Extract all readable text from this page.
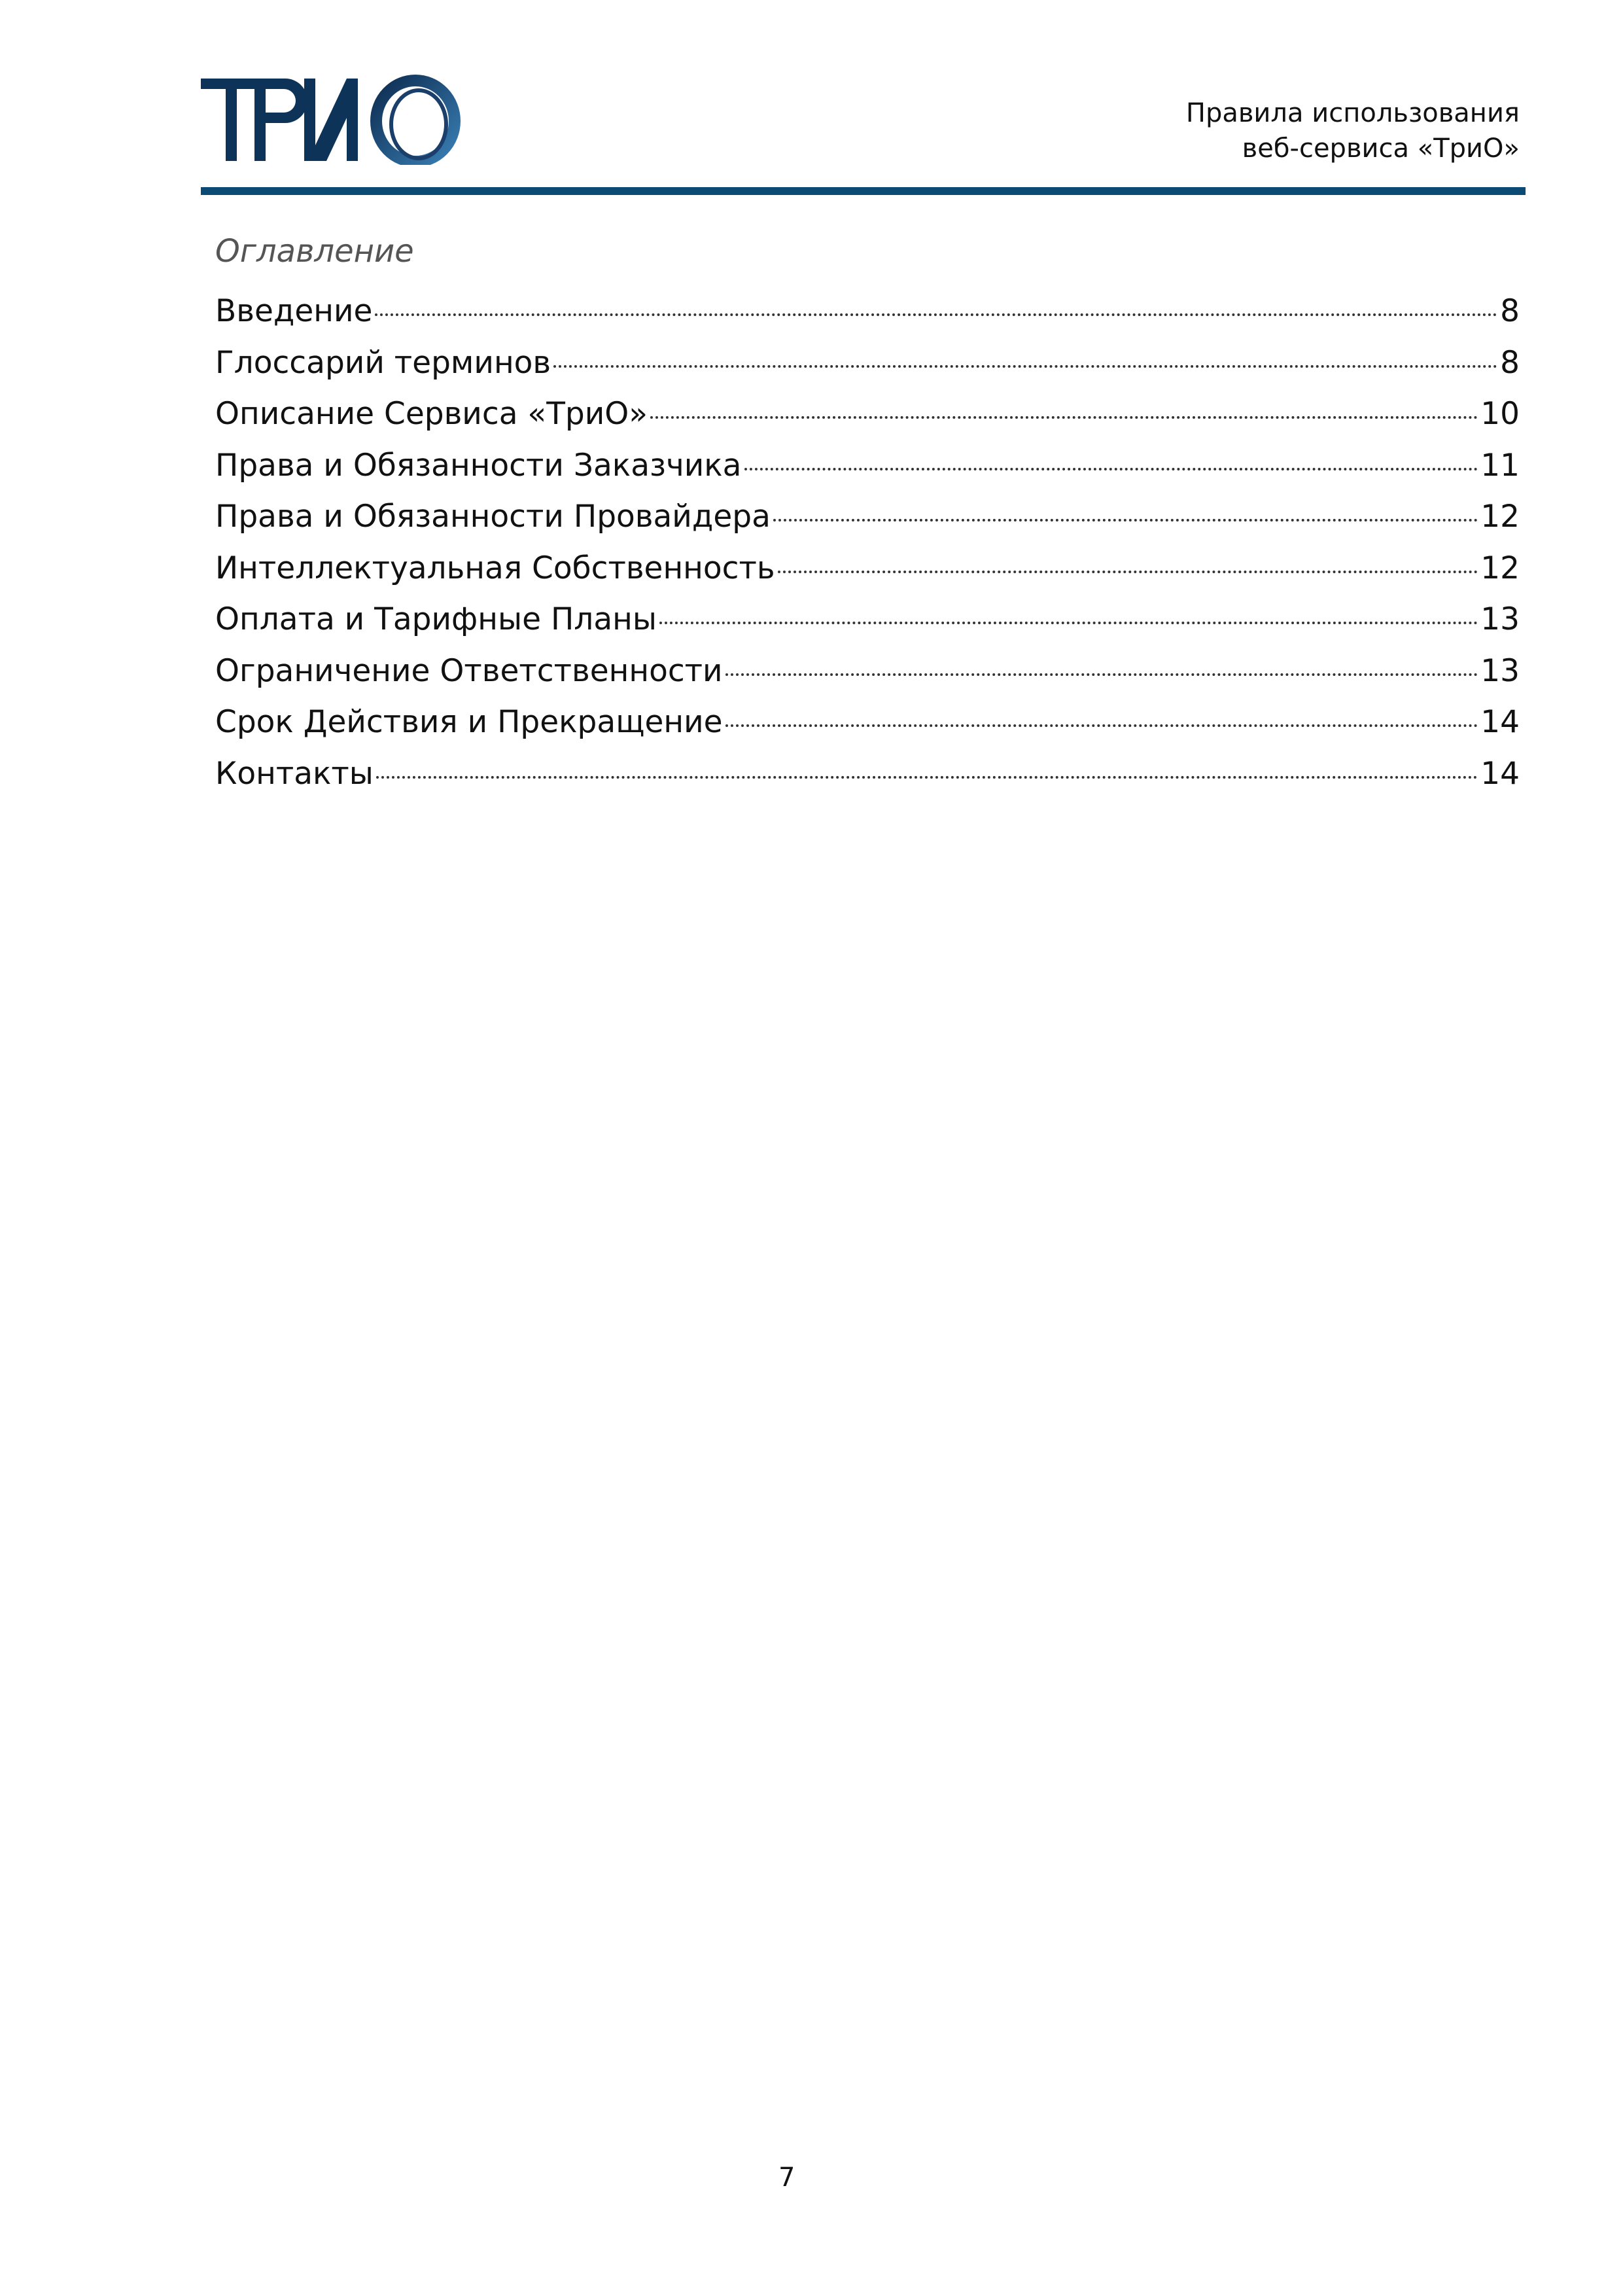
Правила использования
веб-сервиса «ТриО»
Оглавление
Введение	8
Глоссарий терминов	8
Описание Сервиса «ТриО»	10
Права и Обязанности Заказчика	11
Права и Обязанности Провайдера	12
Интеллектуальная Собственность	12
Оплата и Тарифные Планы	13
Ограничение Ответственности	13
Срок Действия и Прекращение	14
Контакты	14
7
